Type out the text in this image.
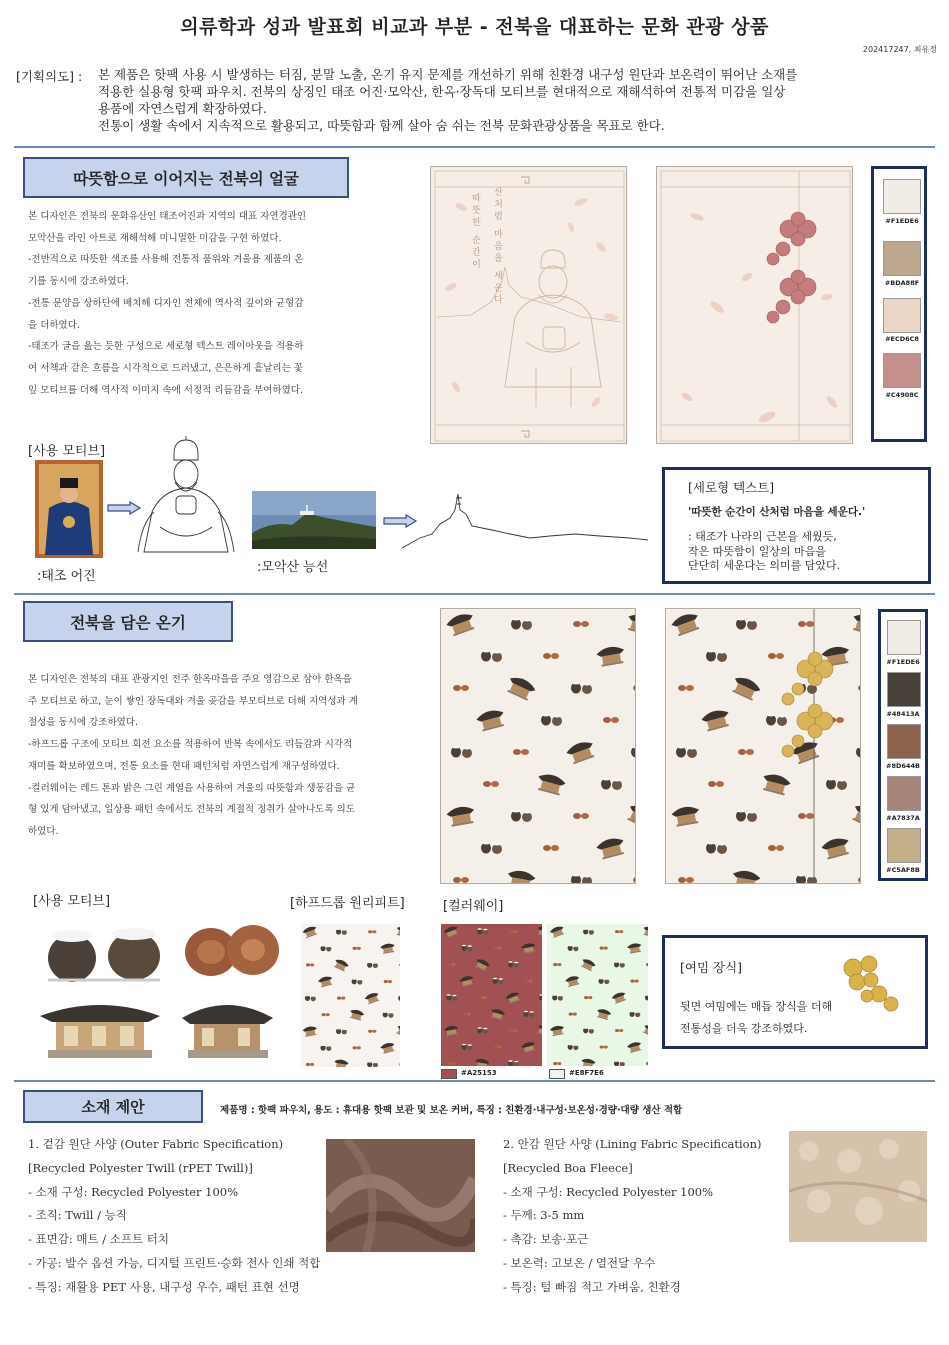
의류학과 성과 발표회 비교과 부분 - 전북을 대표하는 문화 관광 상품
202417247, 최유정
[기획의도] : 본 제품은 핫팩 사용 시 발생하는 터짐, 분말 노출, 온기 유지 문제를 개선하기 위해 친환경 내구성 원단과 보온력이 뛰어난 소재를

적용한 실용형 핫팩 파우치. 전북의 상징인 태조 어진·모악산, 한옥·장독대 모티브를 현대적으로 재해석하여 전통적 미감을 일상

용품에 자연스럽게 확장하였다.

전통이 생활 속에서 지속적으로 활용되고, 따뜻함과 함께 살아 숨 쉬는 전북 문화관광상품을 목표로 한다.

따뜻함으로 이어지는 전북의 얼굴
본 디자인은 전북의 문화유산인 태조어진과 지역의 대표 자연경관인
모악산을 라인 아트로 재해석해 미니멀한 미감을 구현 하였다.
-전반적으로 따뜻한 색조를 사용해 전통적 품위와 겨울용 제품의 온
기를 동시에 강조하였다.
-전통 문양을 상하단에 배치해 디자인 전체에 역사적 깊이와 균형감
을 더하였다.
-태조가 글을 읊는 듯한 구성으로 세로형 텍스트 레이아웃을 적용하
여 서책과 같은 흐름을 시각적으로 드러냈고, 은은하게 흩날리는 꽃
잎 모티브를 더해 역사적 이미지 속에 서정적 리듬감을 부여하였다.
산처럼 마음을 세운다
따뜻한 순간이	#F1EDE6
#BDA88F
#ECD6C8
#C4908C
[사용 모티브]
:태조 어진
:모악산 능선
[세로형 텍스트]
'따뜻한 순간이 산처럼 마음을 세운다.'
: 태조가 나라의 근본을 세웠듯,
작은 따뜻함이 일상의 마음을
단단히 세운다는 의미를 담았다.
전북을 담은 온기
본 디자인은 전북의 대표 관광지인 전주 한옥마을을 주요 영감으로 삼아 한옥을
주 모티브로 하고, 눈이 쌓인 장독대와 겨울 곶감을 부모티브로 더해 지역성과 계
절성을 동시에 강조하였다.
-하프드롭 구조에 모티브 회전 요소를 적용하여 반복 속에서도 리듬감과 시각적
재미를 확보하였으며, 전통 요소를 현대 패턴처럼 자연스럽게 재구성하였다.
-컬러웨이는 레드 톤과 밝은 그린 계열을 사용하여 겨울의 따뜻함과 생동감을 균
형 있게 담아냈고, 일상용 패턴 속에서도 전북의 계절적 정취가 살아나도록 의도
하였다.
#F1EDE6
#48413A
#8D644B
#A7837A
#C5AF8B
[사용 모티브]	[하프드롭 원리피트]	[컬러웨이]
#A25153	#E8F7E6
[여밈 장식]
뒷면 여밈에는 매듭 장식을 더해
전통성을 더욱 강조하였다.
소재 제안	제품명 : 핫팩 파우치, 용도 : 휴대용 핫팩 보관 및 보온 커버, 특징 : 친환경·내구성·보온성·경량·대량 생산 적합
1. 겉감 원단 사양 (Outer Fabric Specification)
[Recycled Polyester Twill (rPET Twill)]
- 소재 구성: Recycled Polyester 100%
- 조직: Twill / 능직
- 표면감: 매트 / 소프트 터치
- 가공: 발수 옵션 가능, 디지털 프린트·승화 전사 인쇄 적합
- 특징: 재활용 PET 사용, 내구성 우수, 패턴 표현 선명
2. 안감 원단 사양 (Lining Fabric Specification)
[Recycled Boa Fleece]
- 소재 구성: Recycled Polyester 100%
- 두께: 3-5 mm
- 촉감: 보송·포근
- 보온력: 고보온 / 열전달 우수
- 특징: 털 빠짐 적고 가벼움, 친환경
